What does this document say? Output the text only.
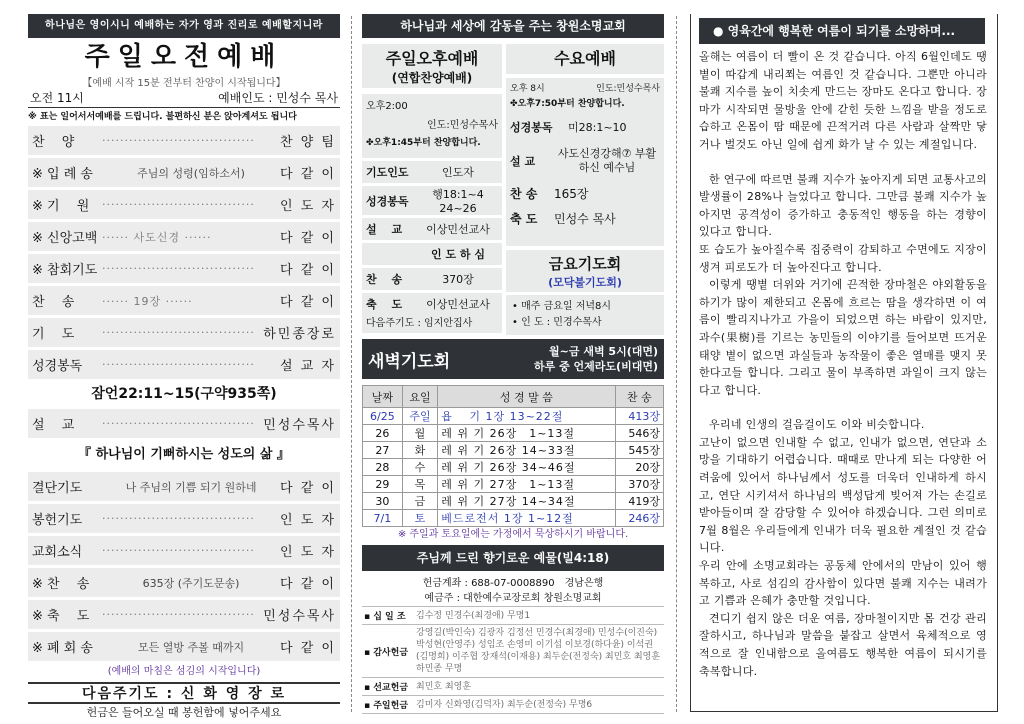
하나님은 영이시니 예배하는 자가 영과 진리로 예배할지니라
주일오전예배
【예배 시작 15분 전부터 찬양이 시작됩니다】
오전 11시	예배인도 : 민성수 목사
※ 표는 일어서서예배를 드립니다. 불편하신 분은 앉아계셔도 됩니다
찬　 양	··································	찬 양 팀
※ 입 례 송	주님의 성령(임하소서)	다 같 이
※ 기　 원	··································	인 도 자
※ 신앙고백 ······ 사도신경 ······	다 같 이
※ 참회기도 ··································	다 같 이
찬　 송	······ 19장 ······	다 같 이
기　 도	·································· 하민종장로
성경봉독	··································	설 교 자
잠언22:11~15(구약935쪽)
설　 교	·································· 민성수목사
『 하나님이 기뻐하시는 성도의 삶 』
결단기도	나 주님의 기쁨 되기 원하네	다 같 이
봉헌기도	··································	인 도 자
교회소식	··································	인 도 자
※ 찬　 송	635장 (주기도문송)	다 같 이
※ 축　 도	·································· 민성수목사
※ 폐 회 송	모든 열방 주볼 때까지	다 같 이
(예배의 마침은 섬김의 시작입니다)
다음주기도 : 신 화 영 장 로
헌금은 들어오실 때 봉헌함에 넣어주세요
하나님과 세상에 감동을 주는 창원소명교회
주일오후예배
(연합찬양예배)
오후2:00
인도:민성수목사
✤오후1:45부터 찬양합니다.
기도인도	인도자
성경봉독	행18:1~4 24~26
설　 교	이상민선교사
인 도 하 심
찬　 송	370장
축　 도	이상민선교사
다음주기도 : 임지안집사
수요예배
오후 8시	인도:민성수목사
✤오후7:50부터 찬양합니다.
성경봉독	미28:1~10
설 교
사도신경강해⑦ 부활하신 예수님
찬 송	165장
축 도	민성수 목사
금요기도회
(모닥불기도회)
• 매주 금요일 저녁8시
• 인 도 : 민경수목사
새벽기도회	월~금 새벽 5시(대면)
하루 중 언제라도(비대면)
날짜	요일	성 경 말 씀	찬 송
6/25	주일	욥　 기 1장 13~22절	413장
26	월	레 위 기 26장　1~13절	546장
27	화	레 위 기 26장 14~33절	545장
28	수	레 위 기 26장 34~46절	20장
29	목	레 위 기 27장　1~13절	370장
30	금	레 위 기 27장 14~34절	419장
7/1	토	베드로전서 1장 1~12절	246장
※ 주일과 토요일에는 가정에서 묵상하시기 바랍니다.
주님께 드린 향기로운 예물(빌4:18)
헌금계좌 : 688-07-0008890　경남은행
예금주 : 대한예수교장로회 창원소명교회
▪ 십 일 조	김수정 민경수(최경애) 무명1
▪ 감사헌금	강영길(박인숙) 김광자 김정선 민경수(최경애) 민성수(이진숙) 박성현(안영주) 성임조 손영미 이기섭 이보경(하다윤) 이석권(김명희) 이주협 장재석(이재용) 최두순(전정숙) 최민호 최영훈 하민종 무명
▪ 선교헌금	최민호 최영훈
▪ 주일헌금	김미자 신화영(김덕자) 최두순(전정숙) 무명6
● 영육간에 행복한 여름이 되기를 소망하며...

올해는 여름이 더 빨이 온 것 같습니다. 아직 6월인데도 땡볕이 따갑게 내리쬐는 여름인 것 같습니다. 그뿐만 아니라 불쾌 지수를 높이 치솟게 만드는 장마도 온다고 합니다. 장마가 시작되면 물방울 안에 갇힌 듯한 느낌을 받을 정도로 습하고 온몸이 땀 때문에 끈적거려 다른 사람과 살짝만 닿거나 벌것도 아닌 일에 쉽게 화가 날 수 있는 계절입니다.

한 연구에 따르면 불쾌 지수가 높아지게 되면 교통사고의 발생률이 28%나 늘었다고 합니다. 그만큼 불쾌 지수가 높아지면 공격성이 증가하고 충동적인 행동을 하는 경향이 있다고 합니다.

또 습도가 높아질수록 집중력이 감퇴하고 수면에도 지장이 생겨 피로도가 더 높아진다고 합니다.

이렇게 땡볕 더위와 거기에 끈적한 장마철은 야외활동을 하기가 많이 제한되고 온몸에 흐르는 땀을 생각하면 이 여름이 빨리지나가고 가을이 되었으면 하는 바람이 있지만, 과수(果樹)를 기르는 농민들의 이야기를 들어보면 뜨거운 태양 볕이 없으면 과실들과 농작물이 좋은 열매를 맺지 못한다고들 합니다. 그리고 물이 부족하면 과일이 크지 않는다고 합니다.

우리네 인생의 걸음걸이도 이와 비슷합니다.

고난이 없으면 인내할 수 없고, 인내가 없으면, 연단과 소망을 기대하기 어렵습니다. 때때로 만나게 되는 다양한 어려움에 있어서 하나님께서 성도를 더욱더 인내하게 하시고, 연단 시키셔서 하나님의 백성답게 빚어져 가는 손길로 받아들이며 잘 감당할 수 있어야 하겠습니다. 그런 의미로 7월 8월은 우리들에게 인내가 더욱 필요한 계절인 것 같습니다.

우리 안에 소명교회라는 공동체 안에서의 만남이 있어 행복하고, 사로 섬김의 감사함이 있다면 불쾌 지수는 내려가고 기쁨과 은혜가 충만할 것입니다.

견디기 쉽지 않은 더운 여름, 장마철이지만 몸 건강 관리 잘하시고, 하나님과 말씀을 붙잡고 살면서 육체적으로 영적으로 잘 인내함으로 올여름도 행복한 여름이 되시기를 축복합니다.
